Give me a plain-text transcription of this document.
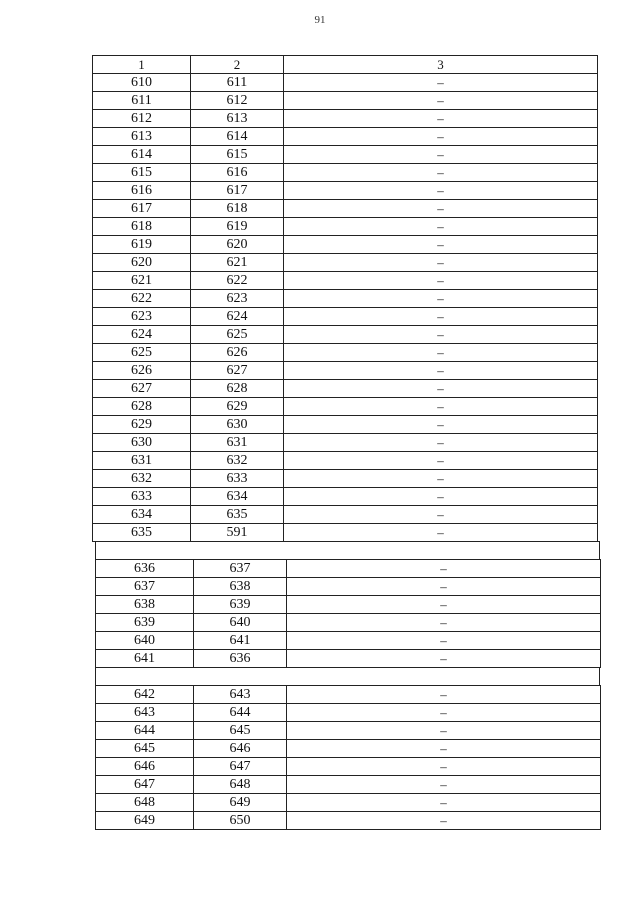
91
1	2	3
610	611	–
611	612	–
612	613	–
613	614	–
614	615	–
615	616	–
616	617	–
617	618	–
618	619	–
619	620	–
620	621	–
621	622	–
622	623	–
623	624	–
624	625	–
625	626	–
626	627	–
627	628	–
628	629	–
629	630	–
630	631	–
631	632	–
632	633	–
633	634	–
634	635	–
635	591	–
636	637	–
637	638	–
638	639	–
639	640	–
640	641	–
641	636	–
642	643	–
643	644	–
644	645	–
645	646	–
646	647	–
647	648	–
648	649	–
649	650	–
